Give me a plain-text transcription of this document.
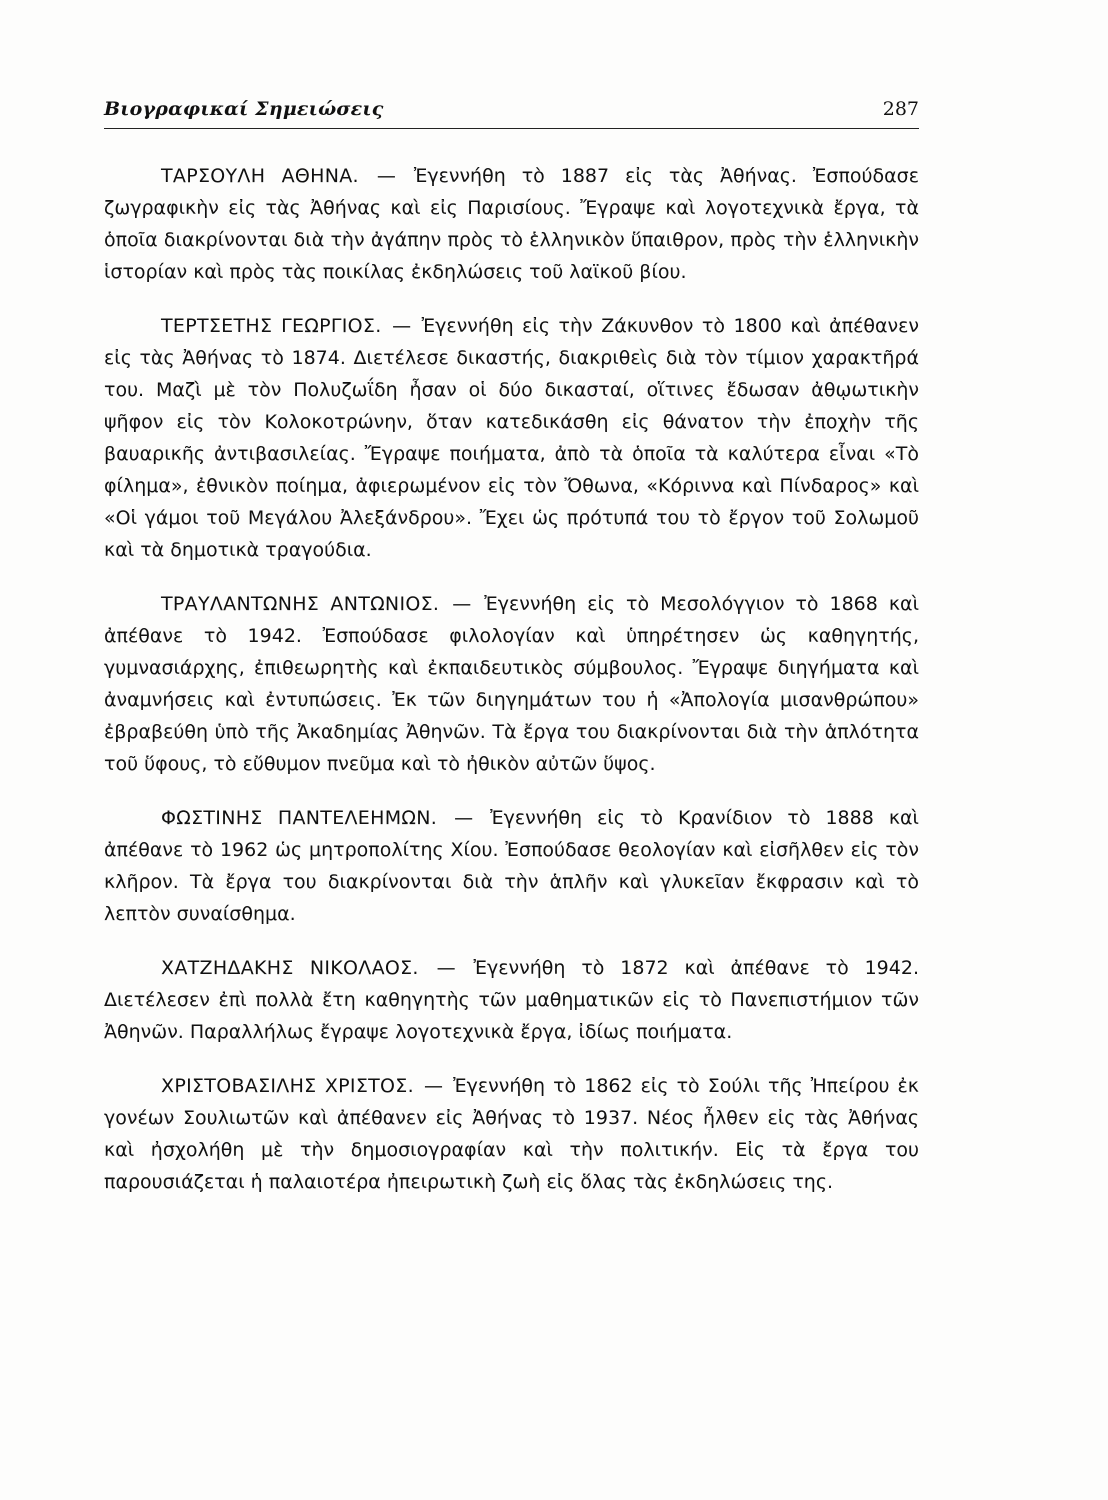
Βιογραφικαί Σημειώσεις	287

ΤΑΡΣΟΥΛΗ ΑΘΗΝΑ. — Ἐγεννήθη τὸ 1887 εἰς τὰς Ἀθήνας. Ἐσπούδασε ζωγραφικὴν εἰς τὰς Ἀθήνας καὶ εἰς Παρισίους. Ἔγραψε καὶ λογοτεχνικὰ ἔργα, τὰ ὁποῖα διακρίνονται διὰ τὴν ἀγάπην πρὸς τὸ ἑλληνικὸν ὕπαιθρον, πρὸς τὴν ἑλληνικὴν ἱστορίαν καὶ πρὸς τὰς ποικίλας ἐκδηλώσεις τοῦ λαϊκοῦ βίου.

ΤΕΡΤΣΕΤΗΣ ΓΕΩΡΓΙΟΣ. — Ἐγεννήθη εἰς τὴν Ζάκυνθον τὸ 1800 καὶ ἀπέθανεν εἰς τὰς Ἀθήνας τὸ 1874. Διετέλεσε δικαστής, διακριθεὶς διὰ τὸν τίμιον χαρακτῆρά του. Μαζὶ μὲ τὸν Πολυζωΐδη ἦσαν οἱ δύο δικασταί, οἵτινες ἔδωσαν ἀθῳωτικὴν ψῆφον εἰς τὸν Κολοκοτρώνην, ὅταν κατεδικάσθη εἰς θάνατον τὴν ἐποχὴν τῆς βαυαρικῆς ἀντιβασιλείας. Ἔγραψε ποιήματα, ἀπὸ τὰ ὁποῖα τὰ καλύτερα εἶναι «Τὸ φίλημα», ἐθνικὸν ποίημα, ἀφιερωμένον εἰς τὸν Ὄθωνα, «Κόριννα καὶ Πίνδαρος» καὶ «Οἱ γάμοι τοῦ Μεγάλου Ἀλεξάνδρου». Ἔχει ὡς πρότυπά του τὸ ἔργον τοῦ Σολωμοῦ καὶ τὰ δημοτικὰ τραγούδια.

ΤΡΑΥΛΑΝΤΩΝΗΣ ΑΝΤΩΝΙΟΣ. — Ἐγεννήθη εἰς τὸ Μεσολόγγιον τὸ 1868 καὶ ἀπέθανε τὸ 1942. Ἐσπούδασε φιλολογίαν καὶ ὑπηρέτησεν ὡς καθηγητής, γυμνασιάρχης, ἐπιθεωρητὴς καὶ ἐκπαιδευτικὸς σύμβουλος. Ἔγραψε διηγήματα καὶ ἀναμνήσεις καὶ ἐντυπώσεις. Ἐκ τῶν διηγημάτων του ἡ «Ἀπολογία μισανθρώπου» ἐβραβεύθη ὑπὸ τῆς Ἀκαδημίας Ἀθηνῶν. Τὰ ἔργα του διακρίνονται διὰ τὴν ἁπλότητα τοῦ ὕφους, τὸ εὔθυμον πνεῦμα καὶ τὸ ἠθικὸν αὐτῶν ὕψος.

ΦΩΣΤΙΝΗΣ ΠΑΝΤΕΛΕΗΜΩΝ. — Ἐγεννήθη εἰς τὸ Κρανίδιον τὸ 1888 καὶ ἀπέθανε τὸ 1962 ὡς μητροπολίτης Χίου. Ἐσπούδασε θεολογίαν καὶ εἰσῆλθεν εἰς τὸν κλῆρον. Τὰ ἔργα του διακρίνονται διὰ τὴν ἁπλῆν καὶ γλυκεῖαν ἔκφρασιν καὶ τὸ λεπτὸν συναίσθημα.

ΧΑΤΖΗΔΑΚΗΣ ΝΙΚΟΛΑΟΣ. — Ἐγεννήθη τὸ 1872 καὶ ἀπέθανε τὸ 1942. Διετέλεσεν ἐπὶ πολλὰ ἔτη καθηγητὴς τῶν μαθηματικῶν εἰς τὸ Πανεπιστήμιον τῶν Ἀθηνῶν. Παραλλήλως ἔγραψε λογοτεχνικὰ ἔργα, ἰδίως ποιήματα.

ΧΡΙΣΤΟΒΑΣΙΛΗΣ ΧΡΙΣΤΟΣ. — Ἐγεννήθη τὸ 1862 εἰς τὸ Σούλι τῆς Ἠπείρου ἐκ γονέων Σουλιωτῶν καὶ ἀπέθανεν εἰς Ἀθήνας τὸ 1937. Νέος ἦλθεν εἰς τὰς Ἀθήνας καὶ ἠσχολήθη μὲ τὴν δημοσιογραφίαν καὶ τὴν πολιτικήν. Εἰς τὰ ἔργα του παρουσιάζεται ἡ παλαιοτέρα ἠπειρωτικὴ ζωὴ εἰς ὅλας τὰς ἐκδηλώσεις της.
